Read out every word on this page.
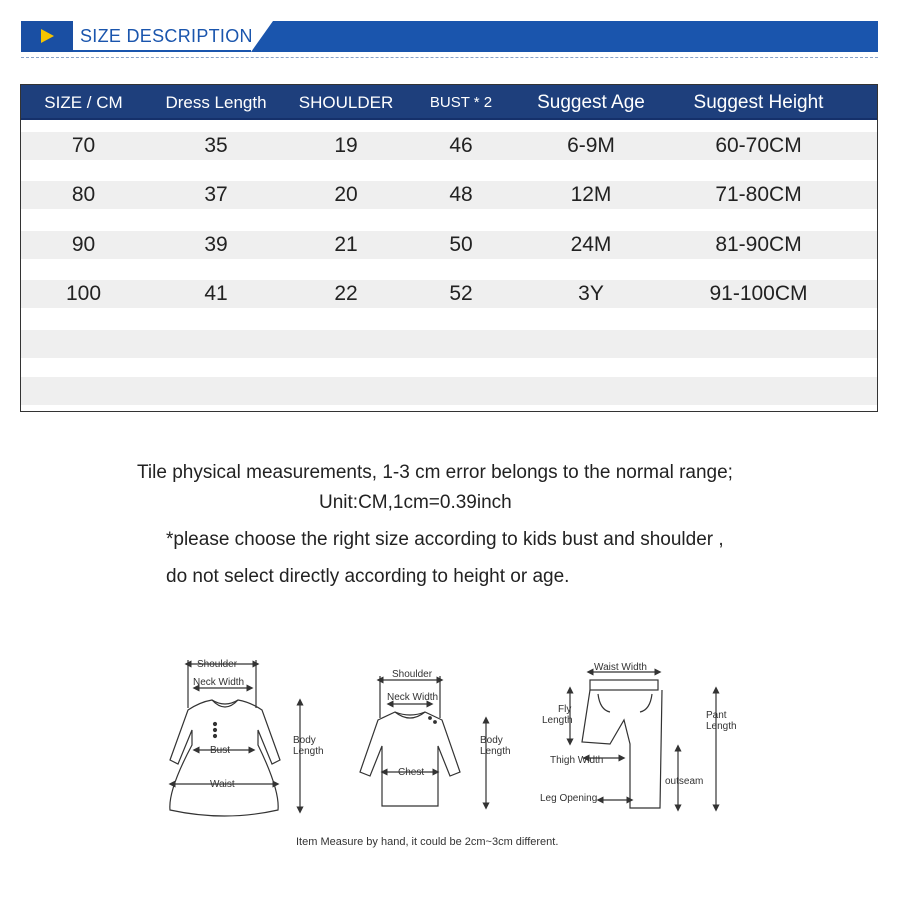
SIZE DESCRIPTION
SIZE / CM	Dress Length	SHOULDER	BUST * 2	Suggest Age	Suggest Height
70	35	19	46	6-9M	60-70CM
80	37	20	48	12M	71-80CM
90	39	21	50	24M	81-90CM
100	41	22	52	3Y	91-100CM
Tile physical measurements, 1-3 cm error belongs to the normal range;
Unit:CM,1cm=0.39inch
*please choose the right size according to kids bust and shoulder ,
do not select directly according to height or age.
Shoulder
Neck Width
Bust
Waist
Body
Length
Shoulder
Neck Width
Chest
Body
Length
Waist Width
Fly
Length
Thigh Width
Leg Opening
outseam
Pant
Length
Item Measure by hand, it could be 2cm~3cm different.
